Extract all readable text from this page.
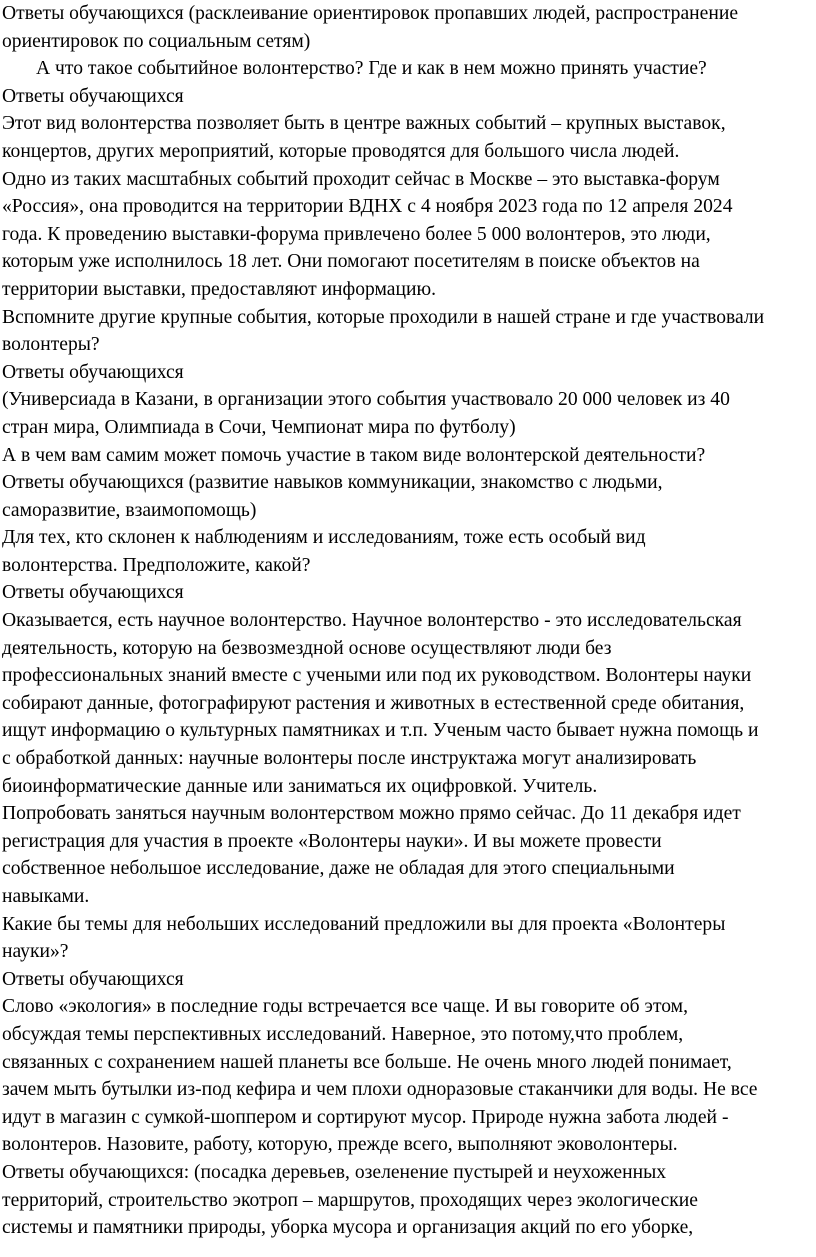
Ответы обучающихся (расклеивание ориентировок пропавших людей, распространение

ориентировок по социальным сетям)

А что такое событийное волонтерство? Где и как в нем можно принять участие?

Ответы обучающихся

Этот вид волонтерства позволяет быть в центре важных событий – крупных выставок,

концертов, других мероприятий, которые проводятся для большого числа людей.

Одно из таких масштабных событий проходит сейчас в Москве – это выставка-форум

«Россия», она проводится на территории ВДНХ с 4 ноября 2023 года по 12 апреля 2024

года. К проведению выставки-форума привлечено более 5 000 волонтеров, это люди,

которым уже исполнилось 18 лет. Они помогают посетителям в поиске объектов на

территории выставки, предоставляют информацию.

Вспомните другие крупные события, которые проходили в нашей стране и где участвовали

волонтеры?

Ответы обучающихся

(Универсиада в Казани, в организации этого события участвовало 20 000 человек из 40

стран мира, Олимпиада в Сочи, Чемпионат мира по футболу)

А в чем вам самим может помочь участие в таком виде волонтерской деятельности?

Ответы обучающихся (развитие навыков коммуникации, знакомство с людьми,

саморазвитие, взаимопомощь)

Для тех, кто склонен к наблюдениям и исследованиям, тоже есть особый вид

волонтерства. Предположите, какой?

Ответы обучающихся

Оказывается, есть научное волонтерство. Научное волонтерство - это исследовательская

деятельность, которую на безвозмездной основе осуществляют люди без

профессиональных знаний вместе с учеными или под их руководством. Волонтеры науки

собирают данные, фотографируют растения и животных в естественной среде обитания,

ищут информацию о культурных памятниках и т.п. Ученым часто бывает нужна помощь и

с обработкой данных: научные волонтеры после инструктажа могут анализировать

биоинформатические данные или заниматься их оцифровкой. Учитель.

Попробовать заняться научным волонтерством можно прямо сейчас. До 11 декабря идет

регистрация для участия в проекте «Волонтеры науки». И вы можете провести

собственное небольшое исследование, даже не обладая для этого специальными

навыками.

Какие бы темы для небольших исследований предложили вы для проекта «Волонтеры

науки»?

Ответы обучающихся

Слово «экология» в последние годы встречается все чаще. И вы говорите об этом,

обсуждая темы перспективных исследований. Наверное, это потому,что проблем,

связанных с сохранением нашей планеты все больше. Не очень много людей понимает,

зачем мыть бутылки из-под кефира и чем плохи одноразовые стаканчики для воды. Не все

идут в магазин с сумкой-шоппером и сортируют мусор. Природе нужна забота людей -

волонтеров. Назовите, работу, которую, прежде всего, выполняют эковолонтеры.

Ответы обучающихся: (посадка деревьев, озеленение пустырей и неухоженных

территорий, строительство экотроп – маршрутов, проходящих через экологические

системы и памятники природы, уборка мусора и организация акций по его уборке,
